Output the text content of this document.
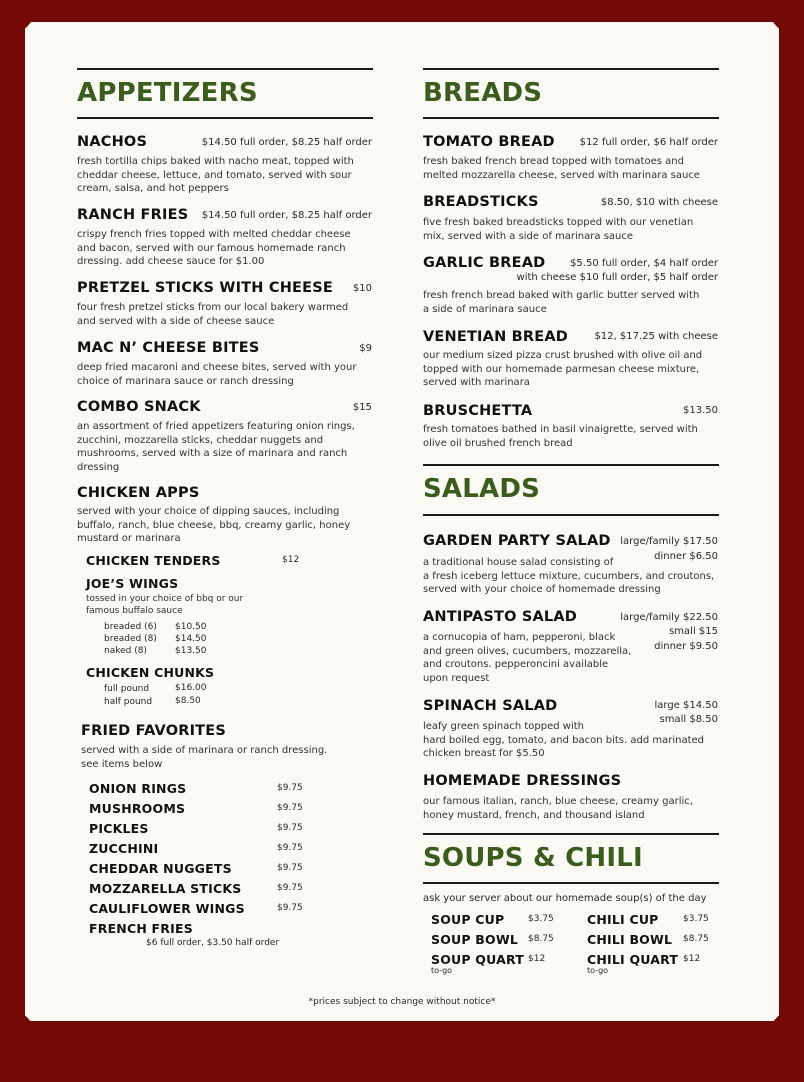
APPETIZERS
NACHOS	$14.50 full order, $8.25 half order
fresh tortilla chips baked with nacho meat, topped with
cheddar cheese, lettuce, and tomato, served with sour
cream, salsa, and hot peppers
RANCH FRIES	$14.50 full order, $8.25 half order
crispy french fries topped with melted cheddar cheese
and bacon, served with our famous homemade ranch
dressing. add cheese sauce for $1.00
PRETZEL STICKS WITH CHEESE	$10
four fresh pretzel sticks from our local bakery warmed
and served with a side of cheese sauce
MAC N’ CHEESE BITES	$9
deep fried macaroni and cheese bites, served with your
choice of marinara sauce or ranch dressing
COMBO SNACK	$15
an assortment of fried appetizers featuring onion rings,
zucchini, mozzarella sticks, cheddar nuggets and
mushrooms, served with a size of marinara and ranch
dressing
CHICKEN APPS
served with your choice of dipping sauces, including
buffalo, ranch, blue cheese, bbq, creamy garlic, honey
mustard or marinara
CHICKEN TENDERS	$12
JOE’S WINGS
tossed in your choice of bbq or our
famous buffalo sauce
breaded (6) $10.50
breaded (8) $14.50
naked (8)	$13.50
CHICKEN CHUNKS
full pound	$16.00
half pound	$8.50
FRIED FAVORITES
served with a side of marinara or ranch dressing.
see items below
ONION RINGS	$9.75
MUSHROOMS	$9.75
PICKLES	$9.75
ZUCCHINI	$9.75
CHEDDAR NUGGETS	$9.75
MOZZARELLA STICKS	$9.75
CAULIFLOWER WINGS	$9.75
FRENCH FRIES
$6 full order, $3.50 half order
BREADS
TOMATO BREAD	$12 full order, $6 half order
fresh baked french bread topped with tomatoes and
melted mozzarella cheese, served with marinara sauce
BREADSTICKS	$8.50, $10 with cheese
five fresh baked breadsticks topped with our venetian
mix, served with a side of marinara sauce
GARLIC BREAD	$5.50 full order, $4 half order
with cheese $10 full order, $5 half order
fresh french bread baked with garlic butter served with
a side of marinara sauce
VENETIAN BREAD	$12, $17.25 with cheese
our medium sized pizza crust brushed with olive oil and
topped with our homemade parmesan cheese mixture,
served with marinara
BRUSCHETTA	$13.50
fresh tomatoes bathed in basil vinaigrette, served with
olive oil brushed french bread
SALADS
GARDEN PARTY SALAD large/family $17.50
dinner $6.50
a traditional house salad consisting of
a fresh iceberg lettuce mixture, cucumbers, and croutons,
served with your choice of homemade dressing
ANTIPASTO SALAD	large/family $22.50
small $15
dinner $9.50
a cornucopia of ham, pepperoni, black
and green olives, cucumbers, mozzarella,
and croutons. pepperoncini available
upon request
SPINACH SALAD	large $14.50
small $8.50
leafy green spinach topped with
hard boiled egg, tomato, and bacon bits. add marinated
chicken breast for $5.50
HOMEMADE DRESSINGS
our famous italian, ranch, blue cheese, creamy garlic,
honey mustard, french, and thousand island
SOUPS & CHILI
ask your server about our homemade soup(s) of the day
SOUP CUP	$3.75
SOUP BOWL $8.75
SOUP QUART $12
to-go
CHILI CUP	$3.75
CHILI BOWL $8.75
CHILI QUART $12
to-go
*prices subject to change without notice*
